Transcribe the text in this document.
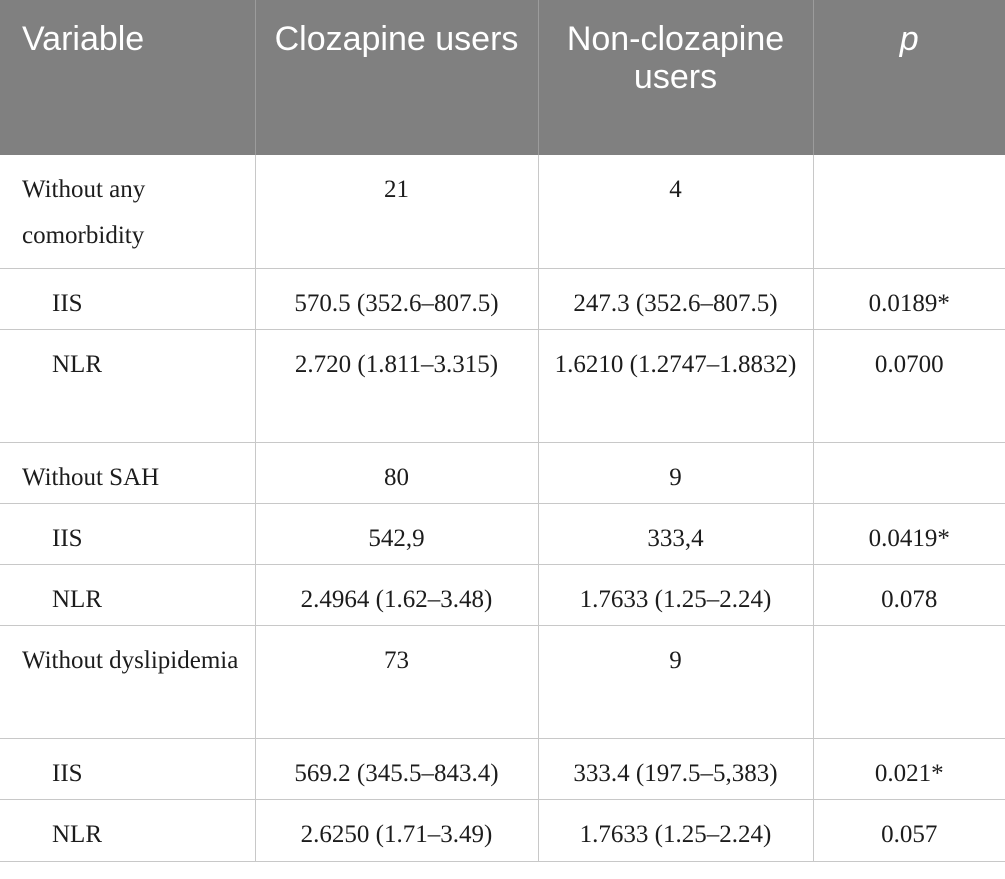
Variable	Clozapine users	Non-clozapine users	p
Without any comorbidity	21	4	
IIS	570.5 (352.6–807.5)	247.3 (352.6–807.5)	0.0189*
NLR	2.720 (1.811–3.315)	1.6210 (1.2747–1.8832)	0.0700
Without SAH	80	9	
IIS	542,9	333,4	0.0419*
NLR	2.4964 (1.62–3.48)	1.7633 (1.25–2.24)	0.078
Without dyslipidemia	73	9	
IIS	569.2 (345.5–843.4)	333.4 (197.5–5,383)	0.021*
NLR	2.6250 (1.71–3.49)	1.7633 (1.25–2.24)	0.057
